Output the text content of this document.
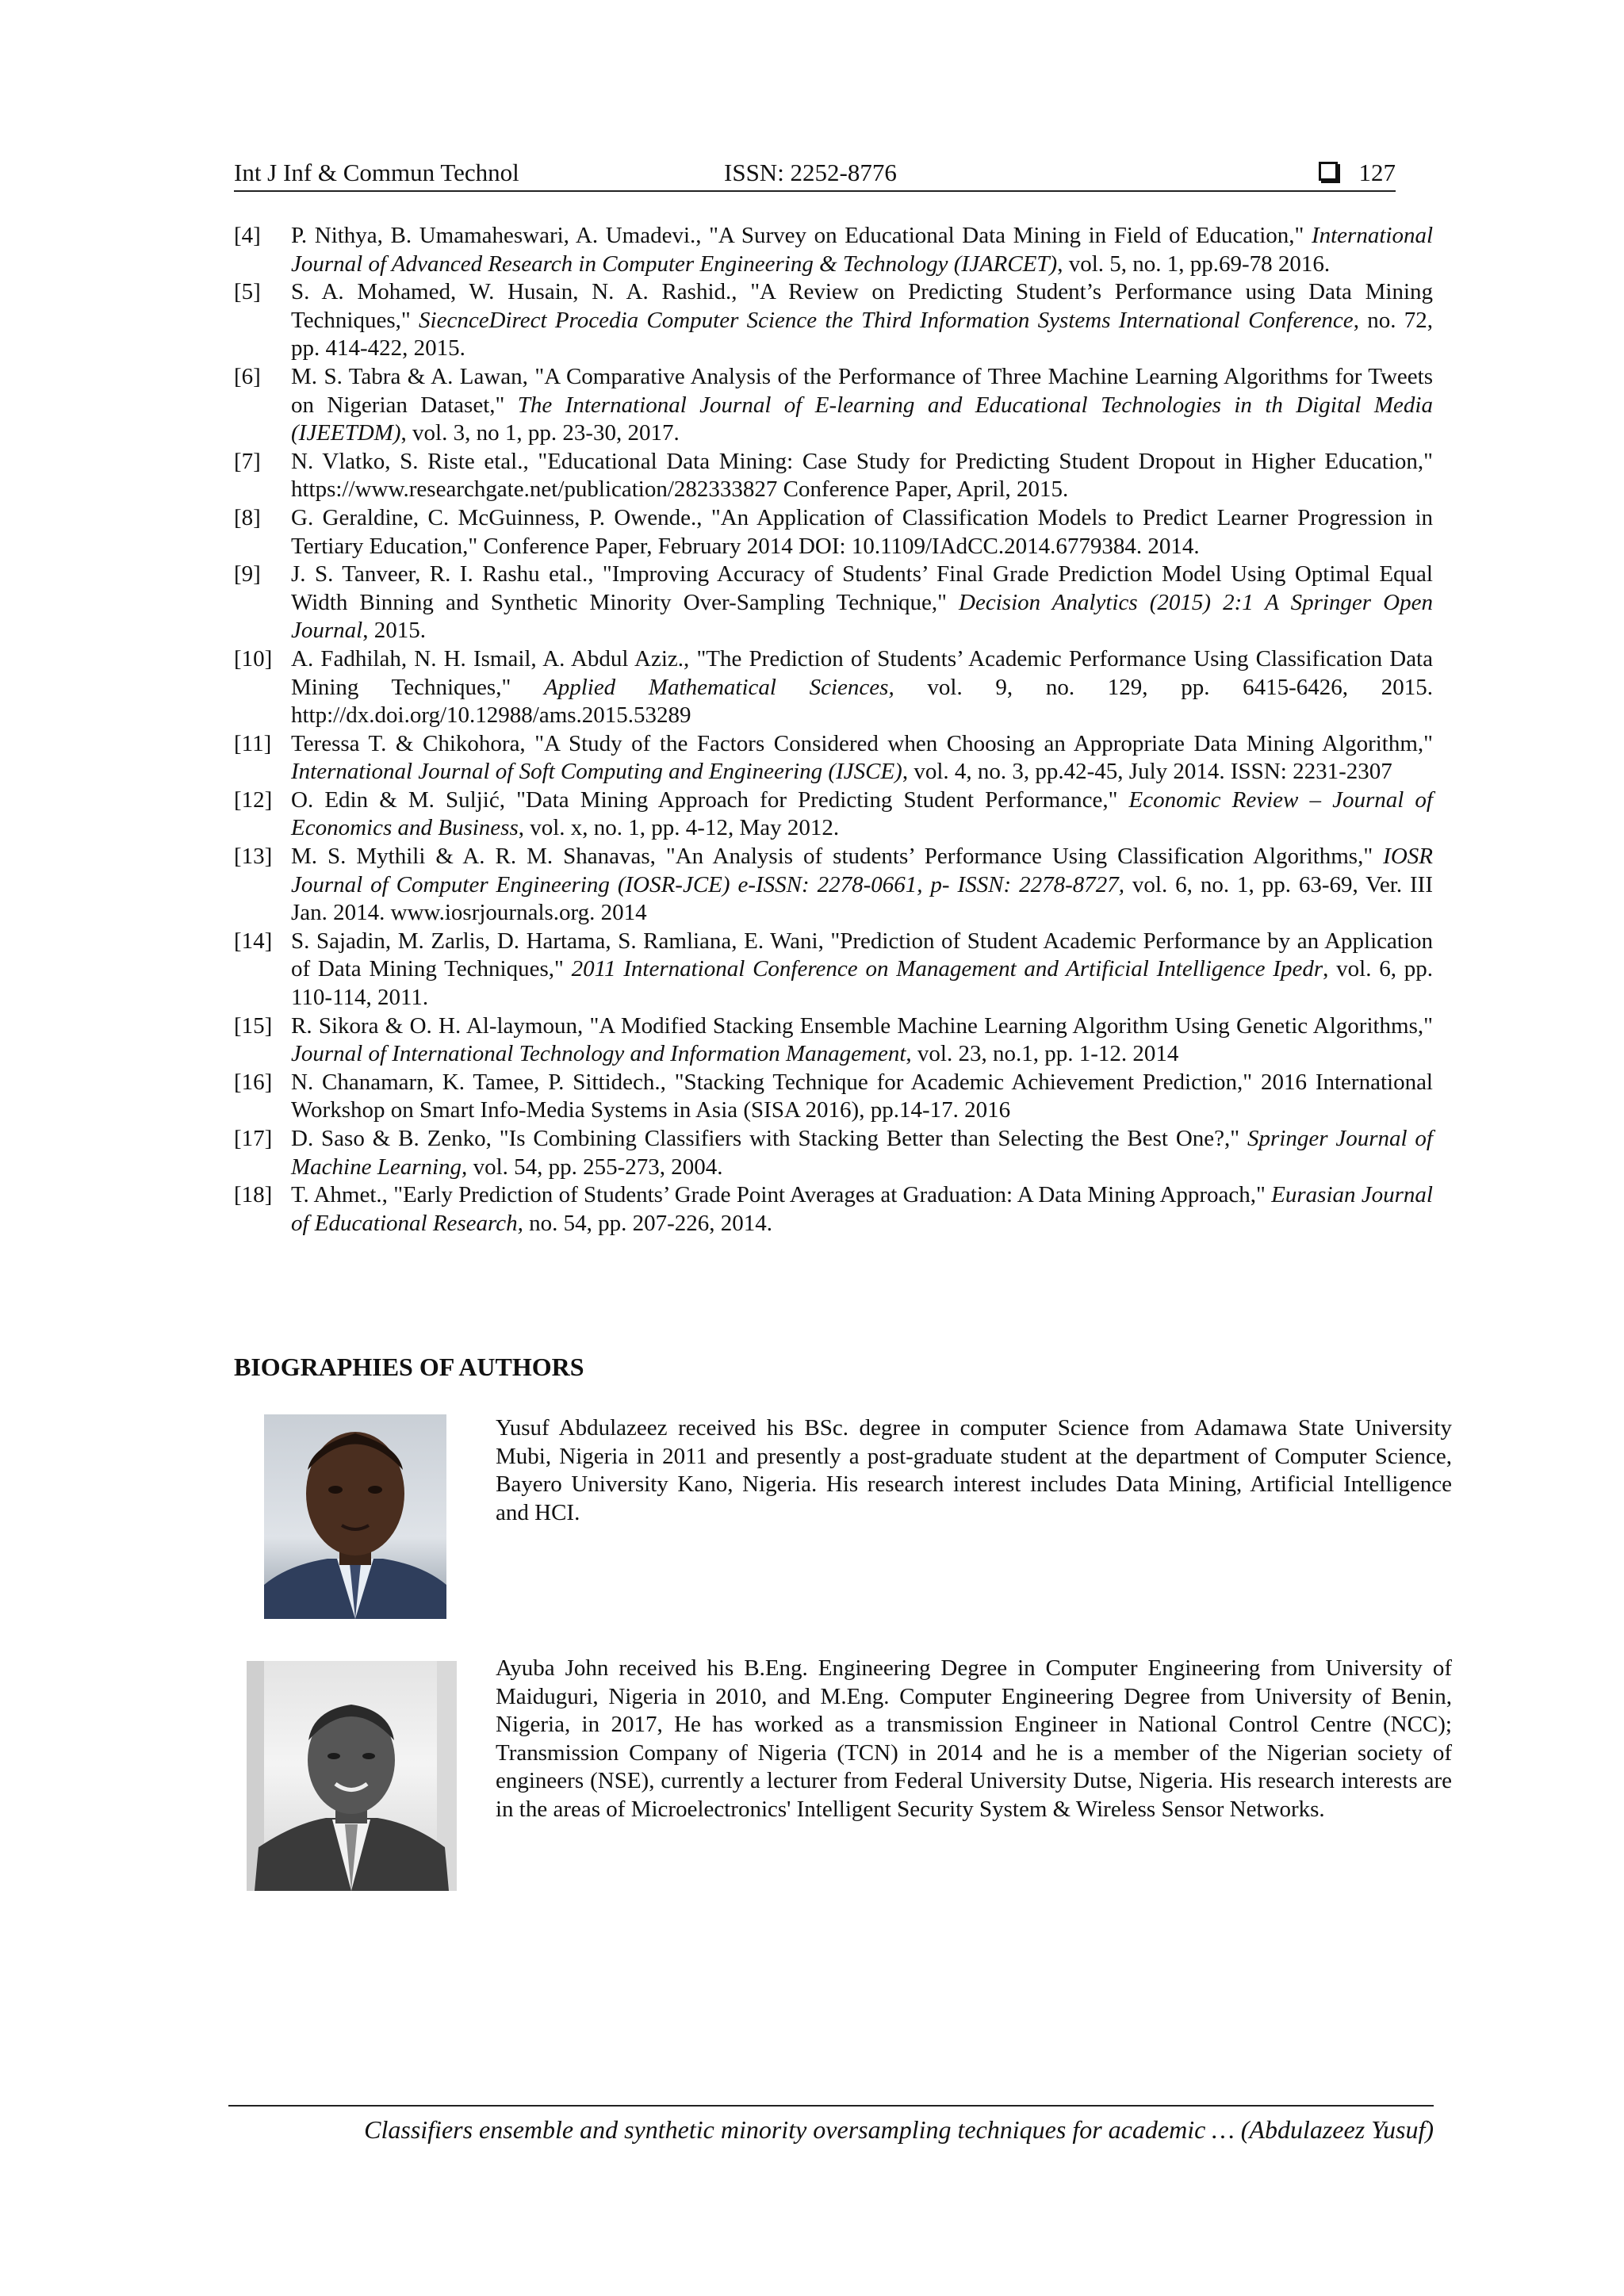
Int J Inf & Commun Technol	ISSN: 2252-8776	127
[4] P. Nithya, B. Umamaheswari, A. Umadevi., "A Survey on Educational Data Mining in Field of Education," International Journal of Advanced Research in Computer Engineering & Technology (IJARCET), vol. 5, no. 1, pp.69-78 2016.
[5] S. A. Mohamed, W. Husain, N. A. Rashid., "A Review on Predicting Student’s Performance using Data Mining Techniques," SiecnceDirect Procedia Computer Science the Third Information Systems International Conference, no. 72, pp. 414-422, 2015.
[6] M. S. Tabra & A. Lawan, "A Comparative Analysis of the Performance of Three Machine Learning Algorithms for Tweets on Nigerian Dataset," The International Journal of E-learning and Educational Technologies in th Digital Media (IJEETDM), vol. 3, no 1, pp. 23-30, 2017.
[7] N. Vlatko, S. Riste etal., "Educational Data Mining: Case Study for Predicting Student Dropout in Higher Education," https://www.researchgate.net/publication/282333827 Conference Paper, April, 2015.
[8] G. Geraldine, C. McGuinness, P. Owende., "An Application of Classification Models to Predict Learner Progression in Tertiary Education," Conference Paper, February 2014 DOI: 10.1109/IAdCC.2014.6779384. 2014.
[9] J. S. Tanveer, R. I. Rashu etal., "Improving Accuracy of Students’ Final Grade Prediction Model Using Optimal Equal Width Binning and Synthetic Minority Over-Sampling Technique," Decision Analytics (2015) 2:1 A Springer Open Journal, 2015.
[10] A. Fadhilah, N. H. Ismail, A. Abdul Aziz., "The Prediction of Students’ Academic Performance Using Classification Data Mining Techniques," Applied Mathematical Sciences, vol. 9, no. 129, pp. 6415-6426, 2015. http://dx.doi.org/10.12988/ams.2015.53289
[11] Teressa T. & Chikohora, "A Study of the Factors Considered when Choosing an Appropriate Data Mining Algorithm," International Journal of Soft Computing and Engineering (IJSCE), vol. 4, no. 3, pp.42-45, July 2014. ISSN: 2231-2307
[12] O. Edin & M. Suljić, "Data Mining Approach for Predicting Student Performance," Economic Review – Journal of Economics and Business, vol. x, no. 1, pp. 4-12, May 2012.
[13] M. S. Mythili & A. R. M. Shanavas, "An Analysis of students’ Performance Using Classification Algorithms," IOSR Journal of Computer Engineering (IOSR-JCE) e-ISSN: 2278-0661, p- ISSN: 2278-8727, vol. 6, no. 1, pp. 63-69, Ver. III Jan. 2014. www.iosrjournals.org. 2014
[14] S. Sajadin, M. Zarlis, D. Hartama, S. Ramliana, E. Wani, "Prediction of Student Academic Performance by an Application of Data Mining Techniques," 2011 International Conference on Management and Artificial Intelligence Ipedr, vol. 6, pp. 110-114, 2011.
[15] R. Sikora & O. H. Al-laymoun, "A Modified Stacking Ensemble Machine Learning Algorithm Using Genetic Algorithms," Journal of International Technology and Information Management, vol. 23, no.1, pp. 1-12. 2014
[16] N. Chanamarn, K. Tamee, P. Sittidech., "Stacking Technique for Academic Achievement Prediction," 2016 International Workshop on Smart Info-Media Systems in Asia (SISA 2016), pp.14-17. 2016
[17] D. Saso & B. Zenko, "Is Combining Classifiers with Stacking Better than Selecting the Best One?," Springer Journal of Machine Learning, vol. 54, pp. 255-273, 2004.
[18] T. Ahmet., "Early Prediction of Students’ Grade Point Averages at Graduation: A Data Mining Approach," Eurasian Journal of Educational Research, no. 54, pp. 207-226, 2014.
BIOGRAPHIES OF AUTHORS
Yusuf Abdulazeez received his BSc. degree in computer Science from Adamawa State University Mubi, Nigeria in 2011 and presently a post-graduate student at the department of Computer Science, Bayero University Kano, Nigeria. His research interest includes Data Mining, Artificial Intelligence and HCI.
Ayuba John received his B.Eng. Engineering Degree in Computer Engineering from University of Maiduguri, Nigeria in 2010, and M.Eng. Computer Engineering Degree from University of Benin, Nigeria, in 2017, He has worked as a transmission Engineer in National Control Centre (NCC); Transmission Company of Nigeria (TCN) in 2014 and he is a member of the Nigerian society of engineers (NSE), currently a lecturer from Federal University Dutse, Nigeria. His research interests are in the areas of Microelectronics' Intelligent Security System & Wireless Sensor Networks.
Classifiers ensemble and synthetic minority oversampling techniques for academic … (Abdulazeez Yusuf)
